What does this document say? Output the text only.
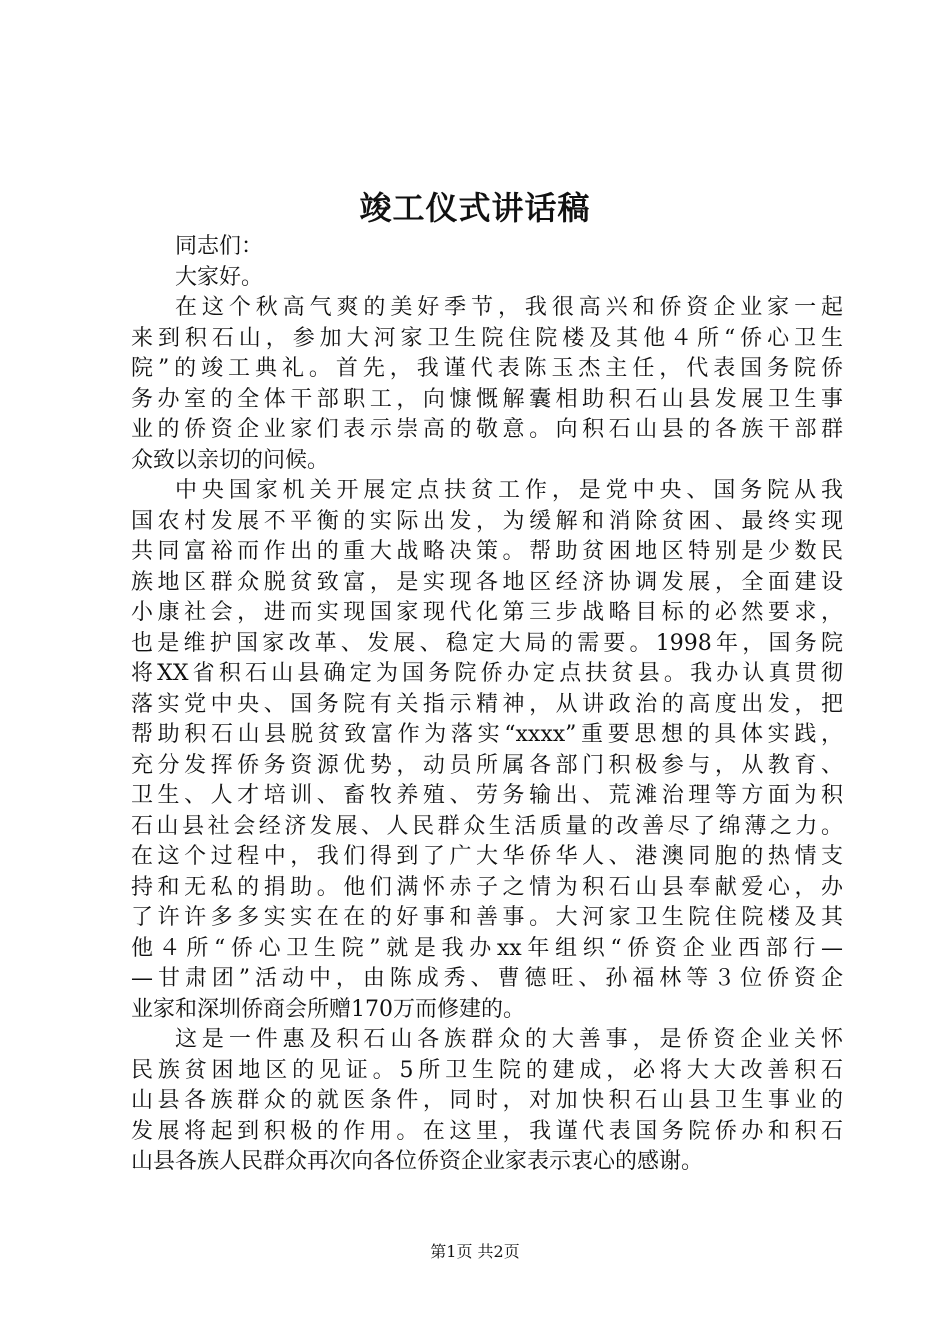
竣工仪式讲话稿
同志们：
大家好。
在这个秋高气爽的美好季节，我很高兴和侨资企业家一起
来到积石山，参加大河家卫生院住院楼及其他４所“侨心卫生
院”的竣工典礼。首先，我谨代表陈玉杰主任，代表国务院侨
务办室的全体干部职工，向慷慨解囊相助积石山县发展卫生事
业的侨资企业家们表示崇高的敬意。向积石山县的各族干部群
众致以亲切的问候。
中央国家机关开展定点扶贫工作，是党中央、国务院从我
国农村发展不平衡的实际出发，为缓解和消除贫困、最终实现
共同富裕而作出的重大战略决策。帮助贫困地区特别是少数民
族地区群众脱贫致富，是实现各地区经济协调发展，全面建设
小康社会，进而实现国家现代化第三步战略目标的必然要求，
也是维护国家改革、发展、稳定大局的需要。1998年，国务院
将XX省积石山县确定为国务院侨办定点扶贫县。我办认真贯彻
落实党中央、国务院有关指示精神，从讲政治的高度出发，把
帮助积石山县脱贫致富作为落实“xxxx”重要思想的具体实践，
充分发挥侨务资源优势，动员所属各部门积极参与，从教育、
卫生、人才培训、畜牧养殖、劳务输出、荒滩治理等方面为积
石山县社会经济发展、人民群众生活质量的改善尽了绵薄之力。
在这个过程中，我们得到了广大华侨华人、港澳同胞的热情支
持和无私的捐助。他们满怀赤子之情为积石山县奉献爱心，办
了许许多多实实在在的好事和善事。大河家卫生院住院楼及其
他４所“侨心卫生院”就是我办xx年组织“侨资企业西部行—
—甘肃团”活动中，由陈成秀、曹德旺、孙福林等３位侨资企
业家和深圳侨商会所赠170万而修建的。
这是一件惠及积石山各族群众的大善事，是侨资企业关怀
民族贫困地区的见证。5所卫生院的建成，必将大大改善积石
山县各族群众的就医条件，同时，对加快积石山县卫生事业的
发展将起到积极的作用。在这里，我谨代表国务院侨办和积石
山县各族人民群众再次向各位侨资企业家表示衷心的感谢。
第1页 共2页
